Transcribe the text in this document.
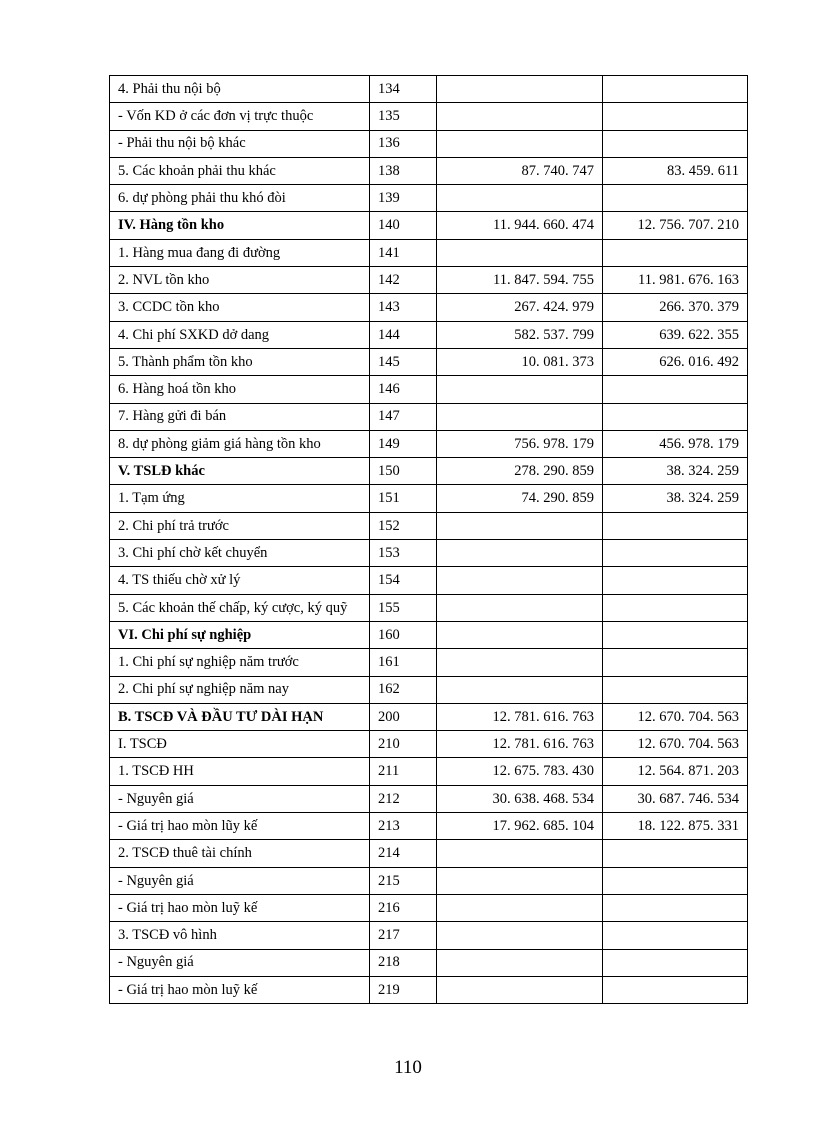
4. Phải thu nội bộ	134		
- Vốn KD ở các đơn vị trực thuộc	135		
- Phải thu nội bộ khác	136		
5. Các khoản phải thu khác	138	87. 740. 747	83. 459. 611
6. dự phòng phải thu khó đòi	139		
IV. Hàng tồn kho	140	11. 944. 660. 474	12. 756. 707. 210
1. Hàng mua đang đi đường	141		
2. NVL tồn kho	142	11. 847. 594. 755	11. 981. 676. 163
3. CCDC tồn kho	143	267. 424. 979	266. 370. 379
4. Chi phí SXKD dở dang	144	582. 537. 799	639. 622. 355
5. Thành phẩm tồn kho	145	10. 081. 373	626. 016. 492
6. Hàng hoá tồn kho	146		
7. Hàng gửi đi bán	147		
8. dự phòng giảm giá hàng tồn kho	149	756. 978. 179	456. 978. 179
V. TSLĐ khác	150	278. 290. 859	38. 324. 259
1. Tạm ứng	151	74. 290. 859	38. 324. 259
2. Chi phí trả trước	152		
3. Chi phí chờ kết chuyển	153		
4. TS thiếu chờ xử lý	154		
5. Các khoản thế chấp, ký cược, ký quỹ	155		
VI. Chi phí sự nghiệp	160		
1. Chi phí sự nghiệp năm trước	161		
2. Chi phí sự nghiệp năm nay	162		
B. TSCĐ VÀ ĐẦU TƯ DÀI HẠN	200	12. 781. 616. 763	12. 670. 704. 563
I. TSCĐ	210	12. 781. 616. 763	12. 670. 704. 563
1. TSCĐ HH	211	12. 675. 783. 430	12. 564. 871. 203
- Nguyên giá	212	30. 638. 468. 534	30. 687. 746. 534
- Giá trị hao mòn lũy kế	213	17. 962. 685. 104	18. 122. 875. 331
2. TSCĐ thuê tài chính	214		
- Nguyên giá	215		
- Giá trị hao mòn luỹ kế	216		
3. TSCĐ vô hình	217		
- Nguyên giá	218		
- Giá trị hao mòn luỹ kế	219		
110
